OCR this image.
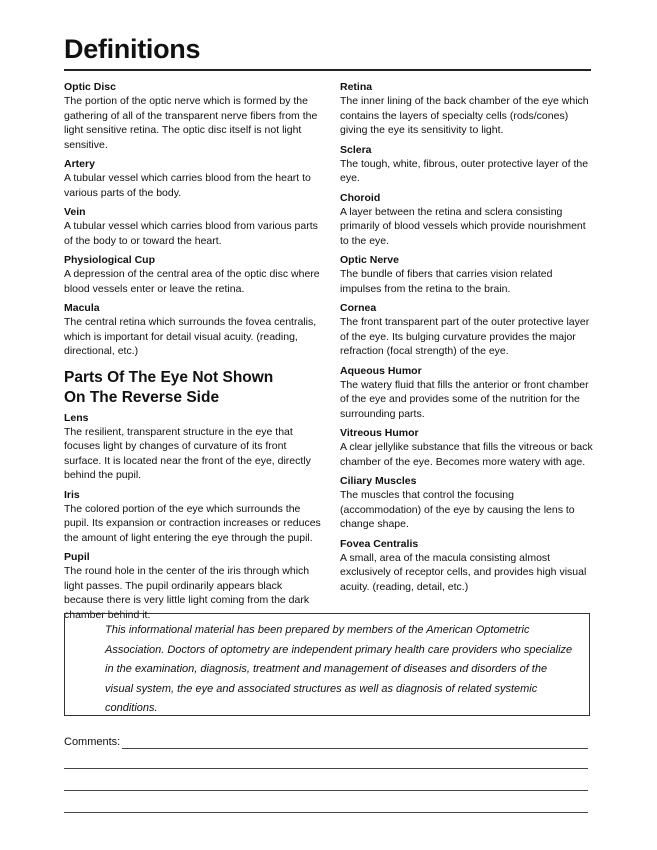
Definitions
Optic Disc
The portion of the optic nerve which is formed by the gathering of all of the transparent nerve fibers from the light sensitive retina. The optic disc itself is not light sensitive.
Artery
A tubular vessel which carries blood from the heart to various parts of the body.
Vein
A tubular vessel which carries blood from various parts of the body to or toward the heart.
Physiological Cup
A depression of the central area of the optic disc where blood vessels enter or leave the retina.
Macula
The central retina which surrounds the fovea centralis, which is important for detail visual acuity. (reading, directional, etc.)
Parts Of The Eye Not Shown
On The Reverse Side
Lens
The resilient, transparent structure in the eye that focuses light by changes of curvature of its front surface. It is located near the front of the eye, directly behind the pupil.
Iris
The colored portion of the eye which surrounds the pupil. Its expansion or contraction increases or reduces the amount of light entering the eye through the pupil.
Pupil
The round hole in the center of the iris through which light passes. The pupil ordinarily appears black because there is very little light coming from the dark chamber behind it.
Retina
The inner lining of the back chamber of the eye which contains the layers of specialty cells (rods/cones) giving the eye its sensitivity to light.
Sclera
The tough, white, fibrous, outer protective layer of the eye.
Choroid
A layer between the retina and sclera consisting primarily of blood vessels which provide nourishment to the eye.
Optic Nerve
The bundle of fibers that carries vision related impulses from the retina to the brain.
Cornea
The front transparent part of the outer protective layer of the eye. Its bulging curvature provides the major refraction (focal strength) of the eye.
Aqueous Humor
The watery fluid that fills the anterior or front chamber of the eye and provides some of the nutrition for the surrounding parts.
Vitreous Humor
A clear jellylike substance that fills the vitreous or back chamber of the eye. Becomes more watery with age.
Ciliary Muscles
The muscles that control the focusing (accommodation) of the eye by causing the lens to change shape.
Fovea Centralis
A small, area of the macula consisting almost exclusively of receptor cells, and provides high visual acuity. (reading, detail, etc.)

This informational material has been prepared by members of the American Optometric Association. Doctors of optometry are independent primary health care providers who specialize in the examination, diagnosis, treatment and management of diseases and disorders of the visual system, the eye and associated structures as well as diagnosis of related systemic conditions.

Comments:
